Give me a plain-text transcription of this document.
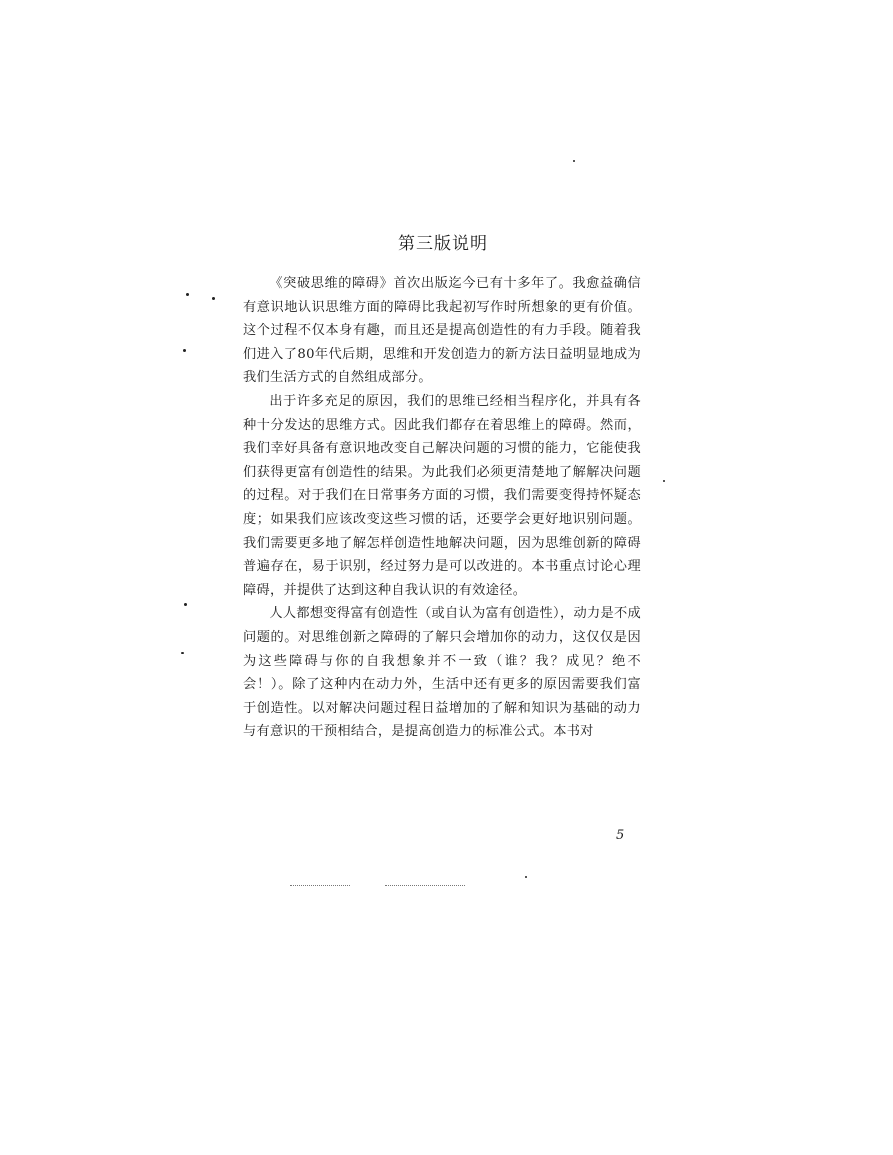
第三版说明

《突破思维的障碍》首次出版迄今已有十多年了。我愈益确信有意识地认识思维方面的障碍比我起初写作时所想象的更有价值。这个过程不仅本身有趣，而且还是提高创造性的有力手段。随着我们进入了80年代后期，思维和开发创造力的新方法日益明显地成为我们生活方式的自然组成部分。

出于许多充足的原因，我们的思维已经相当程序化，并具有各种十分发达的思维方式。因此我们都存在着思维上的障碍。然而，我们幸好具备有意识地改变自己解决问题的习惯的能力，它能使我们获得更富有创造性的结果。为此我们必须更清楚地了解解决问题的过程。对于我们在日常事务方面的习惯，我们需要变得持怀疑态度；如果我们应该改变这些习惯的话，还要学会更好地识别问题。我们需要更多地了解怎样创造性地解决问题，因为思维创新的障碍普遍存在，易于识别，经过努力是可以改进的。本书重点讨论心理障碍，并提供了达到这种自我认识的有效途径。

人人都想变得富有创造性（或自认为富有创造性），动力是不成问题的。对思维创新之障碍的了解只会增加你的动力，这仅仅是因为这些障碍与你的自我想象并不一致（谁？我？成见？绝不会！）。除了这种内在动力外，生活中还有更多的原因需要我们富于创造性。以对解决问题过程日益增加的了解和知识为基础的动力与有意识的干预相结合，是提高创造力的标准公式。本书对

5
